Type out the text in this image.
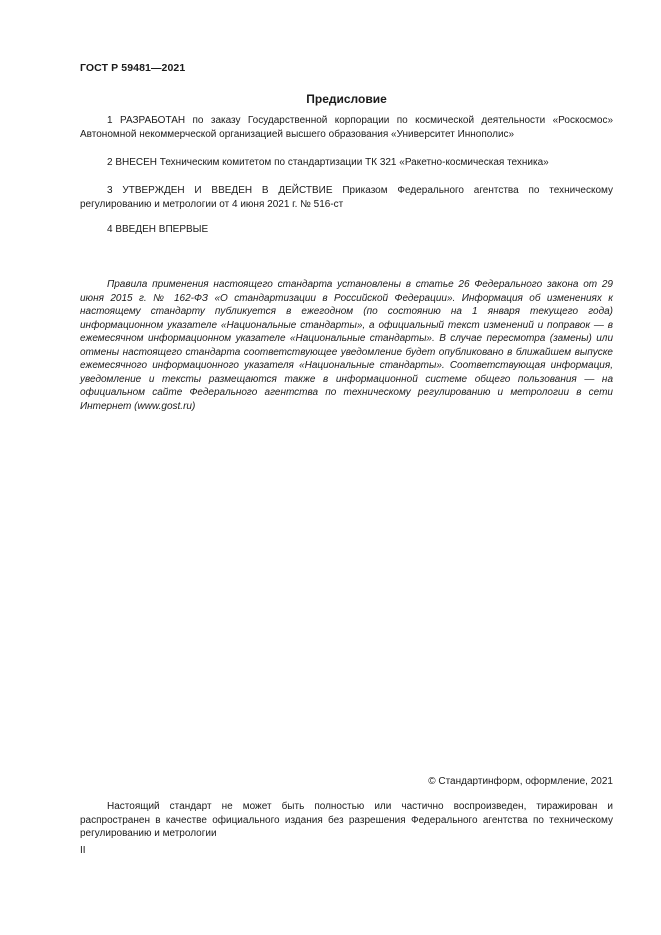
ГОСТ Р 59481—2021
Предисловие

1 РАЗРАБОТАН по заказу Государственной корпорации по космической деятельности «Роскосмос» Автономной некоммерческой организацией высшего образования «Университет Иннополис»

2 ВНЕСЕН Техническим комитетом по стандартизации ТК 321 «Ракетно-космическая техника»

3 УТВЕРЖДЕН И ВВЕДЕН В ДЕЙСТВИЕ Приказом Федерального агентства по техническому регулированию и метрологии от 4 июня 2021 г. № 516-ст

4 ВВЕДЕН ВПЕРВЫЕ

Правила применения настоящего стандарта установлены в статье 26 Федерального закона от 29 июня 2015 г. № 162-ФЗ «О стандартизации в Российской Федерации». Информация об изменениях к настоящему стандарту публикуется в ежегодном (по состоянию на 1 января текущего года) информационном указателе «Национальные стандарты», а официальный текст изменений и поправок — в ежемесячном информационном указателе «Национальные стандарты». В случае пересмотра (замены) или отмены настоящего стандарта соответствующее уведомление будет опубликовано в ближайшем выпуске ежемесячного информационного указателя «Национальные стандарты». Соответствующая информация, уведомление и тексты размещаются также в информационной системе общего пользования — на официальном сайте Федерального агентства по техническому регулированию и метрологии в сети Интернет (www.gost.ru)

© Стандартинформ, оформление, 2021

Настоящий стандарт не может быть полностью или частично воспроизведен, тиражирован и распространен в качестве официального издания без разрешения Федерального агентства по техническому регулированию и метрологии

II
